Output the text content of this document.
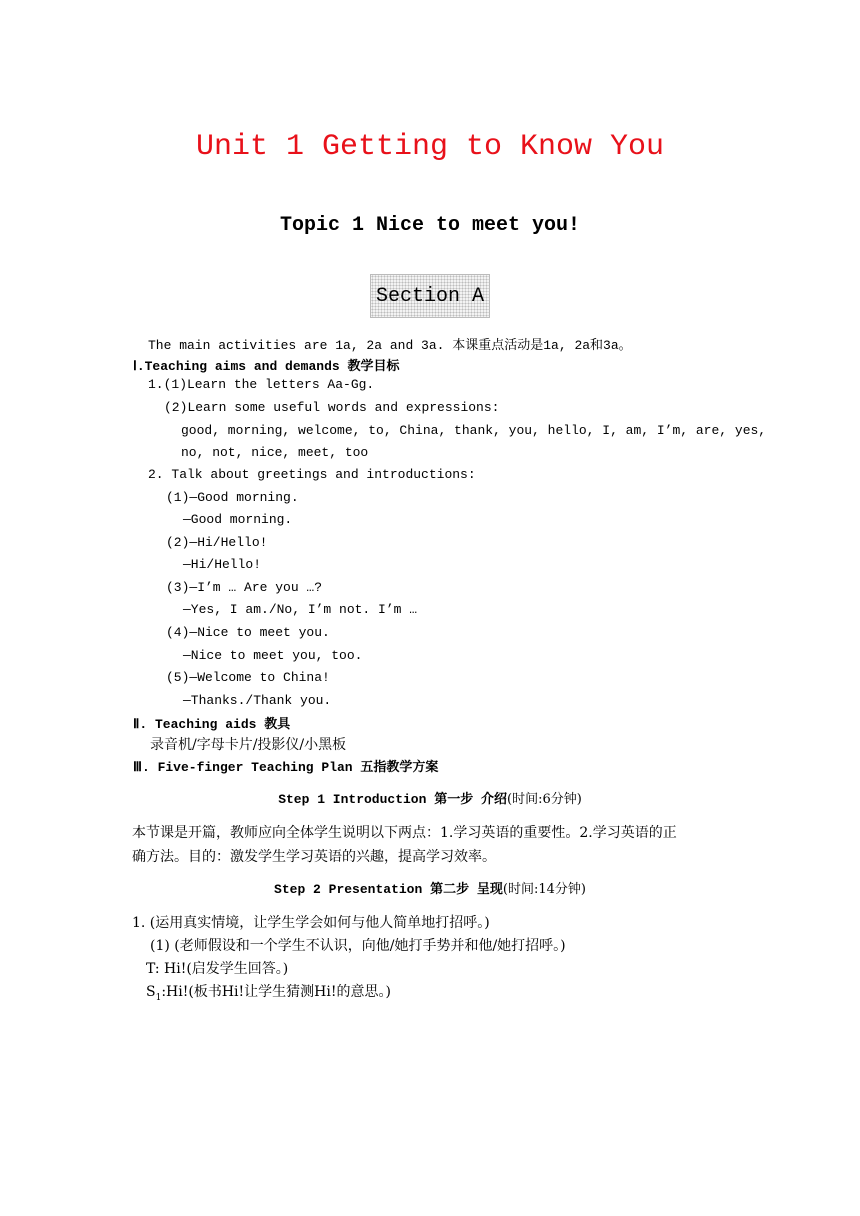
Unit 1 Getting to Know You
Topic 1 Nice to meet you!
Section A
The main activities are 1a, 2a and 3a. 本课重点活动是1a, 2a和3a。
Ⅰ.Teaching aims and demands 教学目标
1.(1)Learn the letters Aa-Gg.
(2)Learn some useful words and expressions:
good, morning, welcome, to, China, thank, you, hello, I, am, I’m, are, yes,
no, not, nice, meet, too
2. Talk about greetings and introductions:
(1)—Good morning.
—Good morning.
(2)—Hi/Hello!
—Hi/Hello!
(3)—I’m … Are you …?
—Yes, I am./No, I’m not. I’m …
(4)—Nice to meet you.
—Nice to meet you, too.
(5)—Welcome to China!
—Thanks./Thank you.
Ⅱ. Teaching aids 教具
录音机/字母卡片/投影仪/小黑板
Ⅲ. Five-finger Teaching Plan 五指教学方案
Step 1 Introduction 第一步 介绍(时间:6分钟)
本节课是开篇，教师应向全体学生说明以下两点：1.学习英语的重要性。2.学习英语的正
确方法。目的：激发学生学习英语的兴趣，提高学习效率。
Step 2 Presentation 第二步 呈现(时间:14分钟)
1. (运用真实情境，让学生学会如何与他人简单地打招呼。)
(1) (老师假设和一个学生不认识，向他/她打手势并和他/她打招呼。)
T: Hi!(启发学生回答。)
$S_1:Hi$!(板书Hi!让学生猜测Hi!的意思。)
